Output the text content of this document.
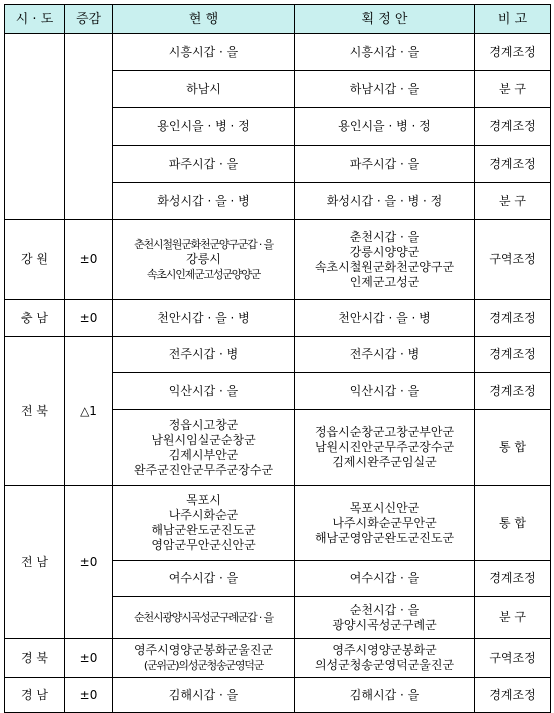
시 · 도	증감	현 행	획 정 안	비 고

		시흥시갑 · 을	시흥시갑 · 을	경계조정

		하남시	하남시갑 · 을	분 구

		용인시을 · 병 · 정	용인시을 · 병 · 정	경계조정

		파주시갑 · 을	파주시갑 · 을	경계조정

		화성시갑 · 을 · 병	화성시갑 · 을 · 병 · 정	분 구
강 원	±0	춘천시철원군화천군양구군갑 · 을
강릉시
속초시인제군고성군양양군	춘천시갑 · 을
강릉시양양군
속초시철원군화천군양구군
인제군고성군	구역조정
충 남	±0	천안시갑 · 을 · 병	천안시갑 · 을 · 병	경계조정
전 북	△1	전주시갑 · 병	전주시갑 · 병	경계조정

		익산시갑 · 을	익산시갑 · 을	경계조정

		정읍시고창군
남원시임실군순창군
김제시부안군
완주군진안군무주군장수군	정읍시순창군고창군부안군
남원시진안군무주군장수군
김제시완주군임실군	통 합
전 남	±0	목포시
나주시화순군
해남군완도군진도군
영암군무안군신안군	목포시신안군
나주시화순군무안군
해남군영암군완도군진도군	통 합

		여수시갑 · 을	여수시갑 · 을	경계조정

		순천시광양시곡성군구례군갑 · 을	순천시갑 · 을
광양시곡성군구례군	분 구
경 북	±0	영주시영양군봉화군울진군
(군위군)의성군청송군영덕군	영주시영양군봉화군
의성군청송군영덕군울진군	구역조정
경 남	±0	김해시갑 · 을	김해시갑 · 을	경계조정
